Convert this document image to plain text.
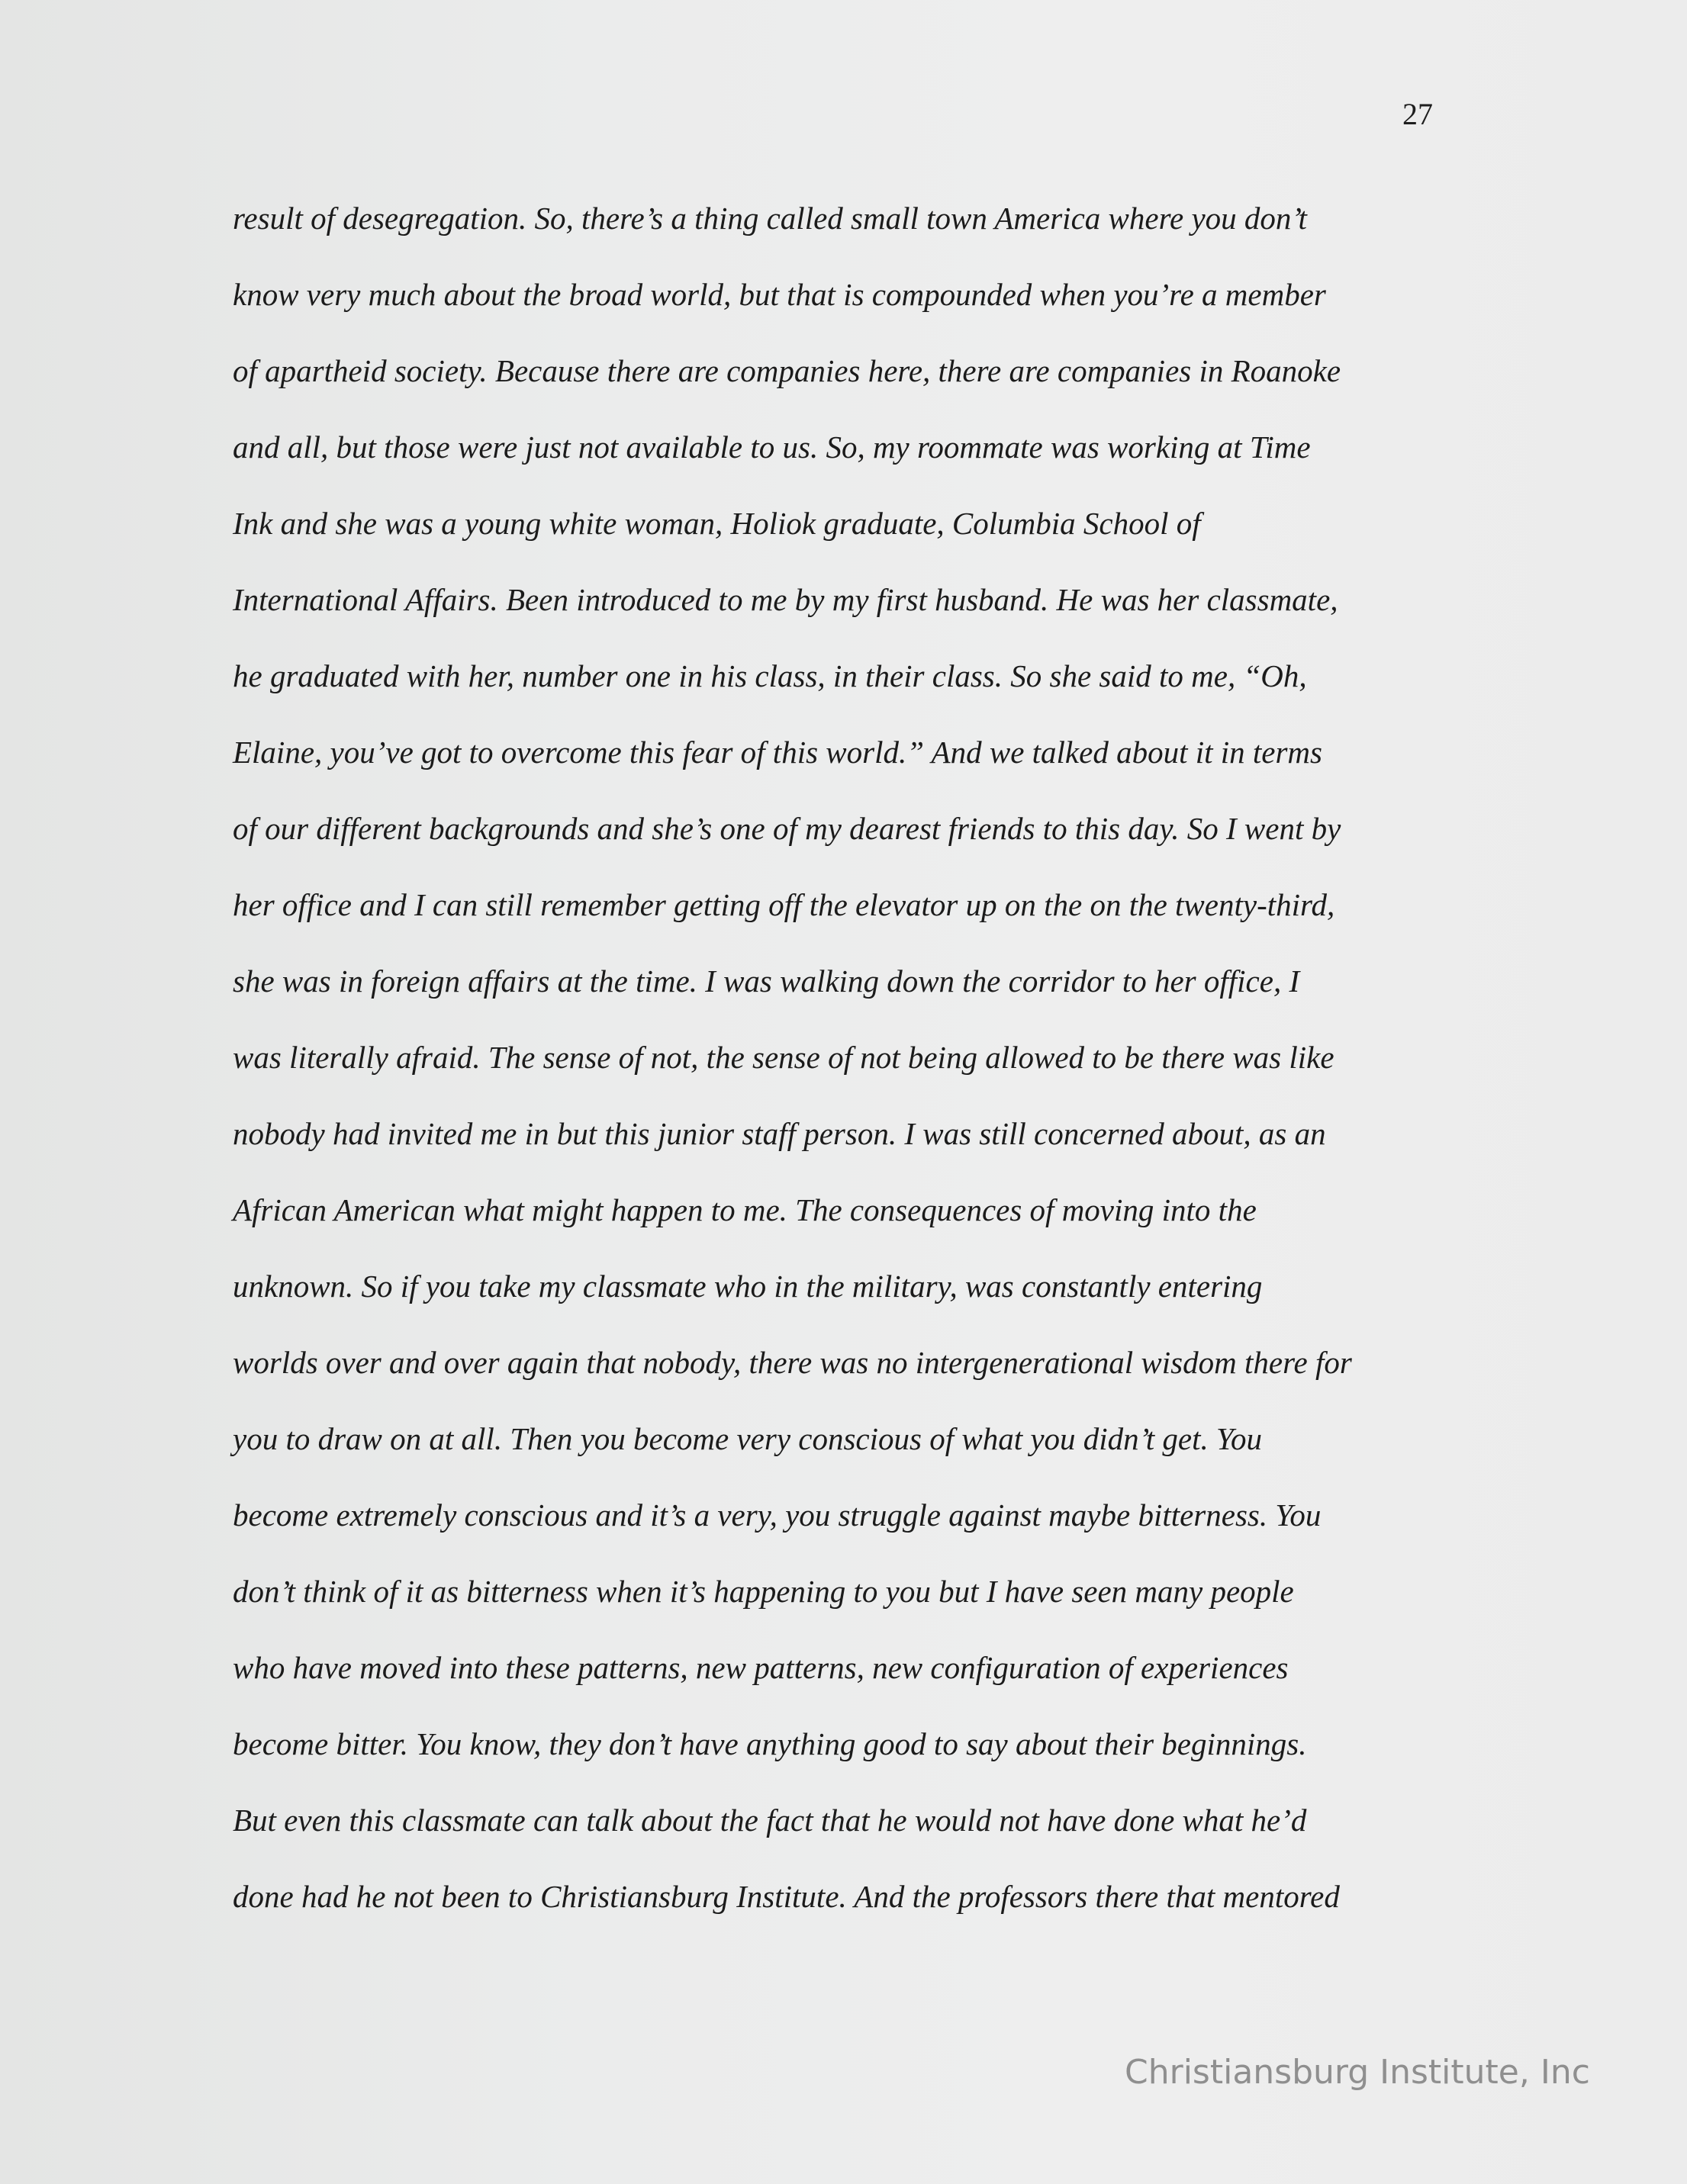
27
result of desegregation. So, there’s a thing called small town America where you don’t
know very much about the broad world, but that is compounded when you’re a member
of apartheid society. Because there are companies here, there are companies in Roanoke
and all, but those were just not available to us. So, my roommate was working at Time
Ink and she was a young white woman, Holiok graduate, Columbia School of
International Affairs. Been introduced to me by my first husband. He was her classmate,
he graduated with her, number one in his class, in their class. So she said to me, “Oh,
Elaine, you’ve got to overcome this fear of this world.” And we talked about it in terms
of our different backgrounds and she’s one of my dearest friends to this day. So I went by
her office and I can still remember getting off the elevator up on the on the twenty-third,
she was in foreign affairs at the time. I was walking down the corridor to her office, I
was literally afraid. The sense of not, the sense of not being allowed to be there was like
nobody had invited me in but this junior staff person. I was still concerned about, as an
African American what might happen to me. The consequences of moving into the
unknown. So if you take my classmate who in the military, was constantly entering
worlds over and over again that nobody, there was no intergenerational wisdom there for
you to draw on at all. Then you become very conscious of what you didn’t get. You
become extremely conscious and it’s a very, you struggle against maybe bitterness. You
don’t think of it as bitterness when it’s happening to you but I have seen many people
who have moved into these patterns, new patterns, new configuration of experiences
become bitter. You know, they don’t have anything good to say about their beginnings.
But even this classmate can talk about the fact that he would not have done what he’d
done had he not been to Christiansburg Institute. And the professors there that mentored
Christiansburg Institute, Inc
